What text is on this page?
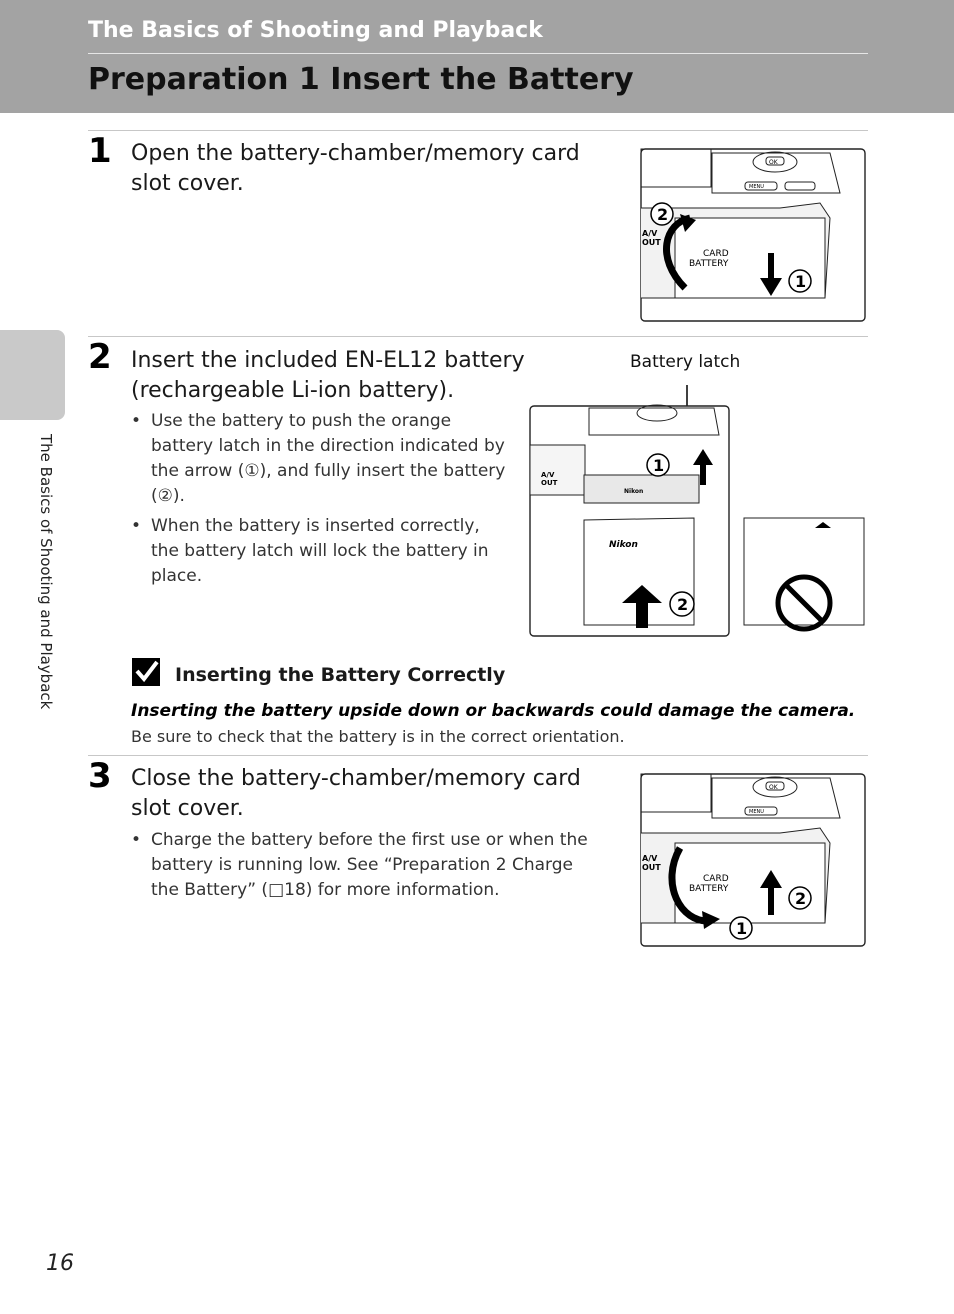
The Basics of Shooting and Playback
Preparation 1 Insert the Battery
The Basics of Shooting and Playback
1 Open the battery-chamber/memory card slot cover.
OK
MENU
A/V
OUT
CARD
BATTERY
2
1
2 Insert the included EN-EL12 battery (rechargeable Li-ion battery).
• Use the battery to push the orange battery latch in the direction indicated by the arrow (①), and fully insert the battery (②).
• When the battery is inserted correctly, the battery latch will lock the battery in place.
Battery latch
A/V
OUT
Nikon
1
Nikon
2
Inserting the Battery Correctly
Inserting the battery upside down or backwards could damage the camera. Be sure to check that the battery is in the correct orientation.
3 Close the battery-chamber/memory card slot cover.
• Charge the battery before the first use or when the battery is running low. See “Preparation 2 Charge the Battery” (□18) for more information.
OK
MENU
A/V
OUT
CARD
BATTERY	2
1
16
